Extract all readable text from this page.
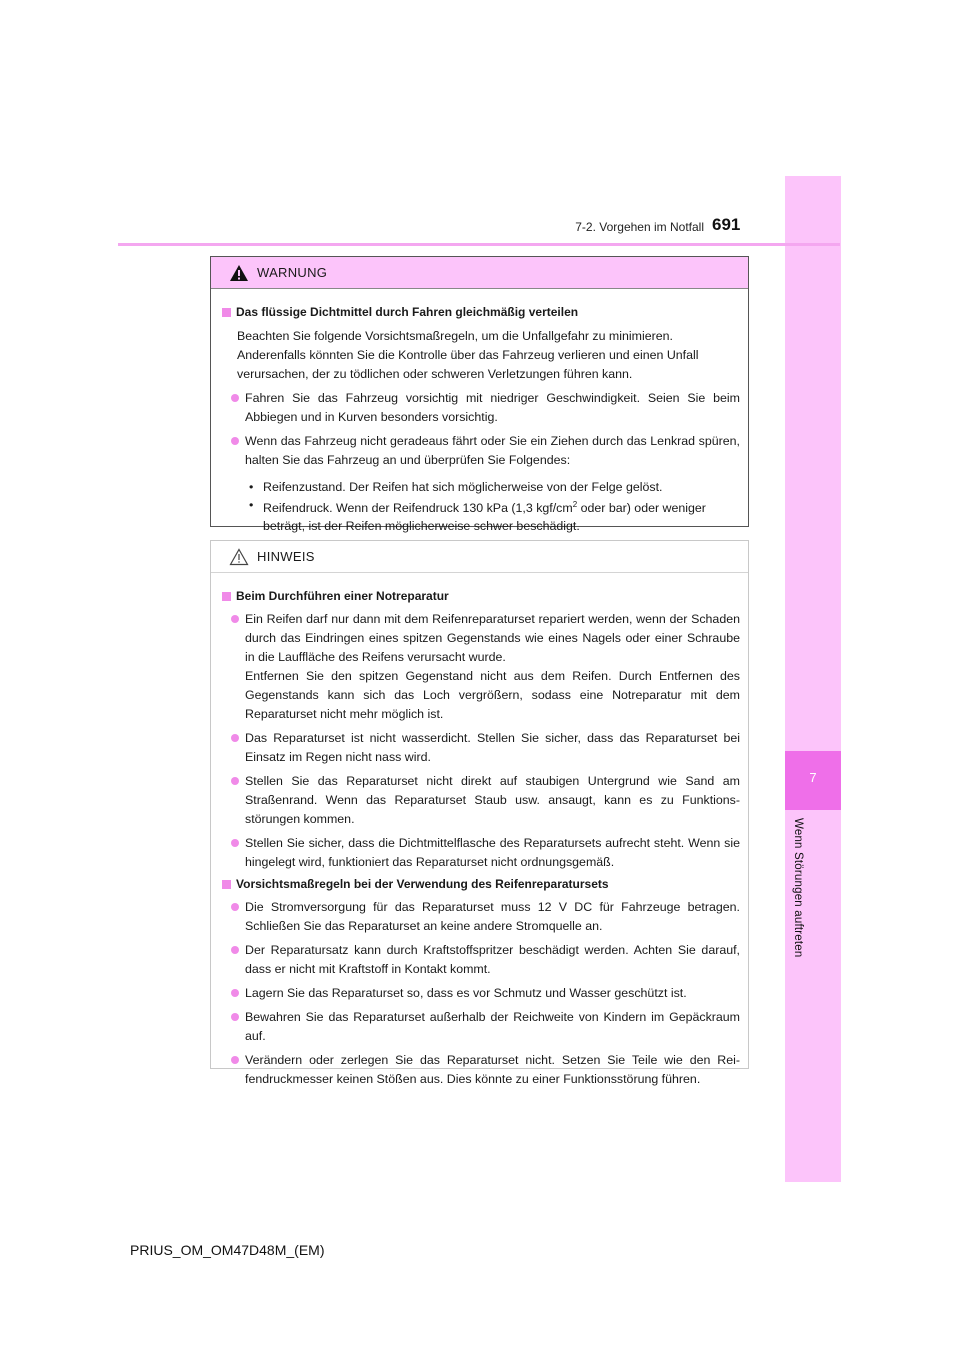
7
Wenn Störungen auftreten
7-2. Vorgehen im Notfall 691
WARNUNG
Das flüssige Dichtmittel durch Fahren gleichmäßig verteilen
Beachten Sie folgende Vorsichtsmaßregeln, um die Unfallgefahr zu minimieren.
Anderenfalls könnten Sie die Kontrolle über das Fahrzeug verlieren und einen Unfall
verursachen, der zu tödlichen oder schweren Verletzungen führen kann.
Fahren Sie das Fahrzeug vorsichtig mit niedriger Geschwindigkeit. Seien Sie beim Abbiegen und in Kurven besonders vorsichtig.
Wenn das Fahrzeug nicht geradeaus fährt oder Sie ein Ziehen durch das Lenkrad spüren, halten Sie das Fahrzeug an und überprüfen Sie Folgendes:
• Reifenzustand. Der Reifen hat sich möglicherweise von der Felge gelöst.
• Reifendruck. Wenn der Reifendruck 130 kPa (1,3 kgf/$cm^2$ oder bar) oder weniger beträgt, ist der Reifen möglicherweise schwer beschädigt.
HINWEIS
Beim Durchführen einer Notreparatur
Ein Reifen darf nur dann mit dem Reifenreparaturset repariert werden, wenn der Schaden durch das Eindringen eines spitzen Gegenstands wie eines Nagels oder einer Schraube in die Lauffläche des Reifens verursacht wurde.
Entfernen Sie den spitzen Gegenstand nicht aus dem Reifen. Durch Entfernen des Gegenstands kann sich das Loch vergrößern, sodass eine Notreparatur mit dem Reparaturset nicht mehr möglich ist.
Das Reparaturset ist nicht wasserdicht. Stellen Sie sicher, dass das Reparaturset bei Einsatz im Regen nicht nass wird.
Stellen Sie das Reparaturset nicht direkt auf staubigen Untergrund wie Sand am Straßenrand. Wenn das Reparaturset Staub usw. ansaugt, kann es zu Funktions-störungen kommen.
Stellen Sie sicher, dass die Dichtmittelflasche des Reparatursets aufrecht steht. Wenn sie hingelegt wird, funktioniert das Reparaturset nicht ordnungsgemäß.
Vorsichtsmaßregeln bei der Verwendung des Reifenreparatursets
Die Stromversorgung für das Reparaturset muss 12 V DC für Fahrzeuge betragen. Schließen Sie das Reparaturset an keine andere Stromquelle an.
Der Reparatursatz kann durch Kraftstoffspritzer beschädigt werden. Achten Sie darauf, dass er nicht mit Kraftstoff in Kontakt kommt.
Lagern Sie das Reparaturset so, dass es vor Schmutz und Wasser geschützt ist.
Bewahren Sie das Reparaturset außerhalb der Reichweite von Kindern im Gepäckraum auf.
Verändern oder zerlegen Sie das Reparaturset nicht. Setzen Sie Teile wie den Rei-fendruckmesser keinen Stößen aus. Dies könnte zu einer Funktionsstörung führen.
PRIUS_OM_OM47D48M_(EM)
